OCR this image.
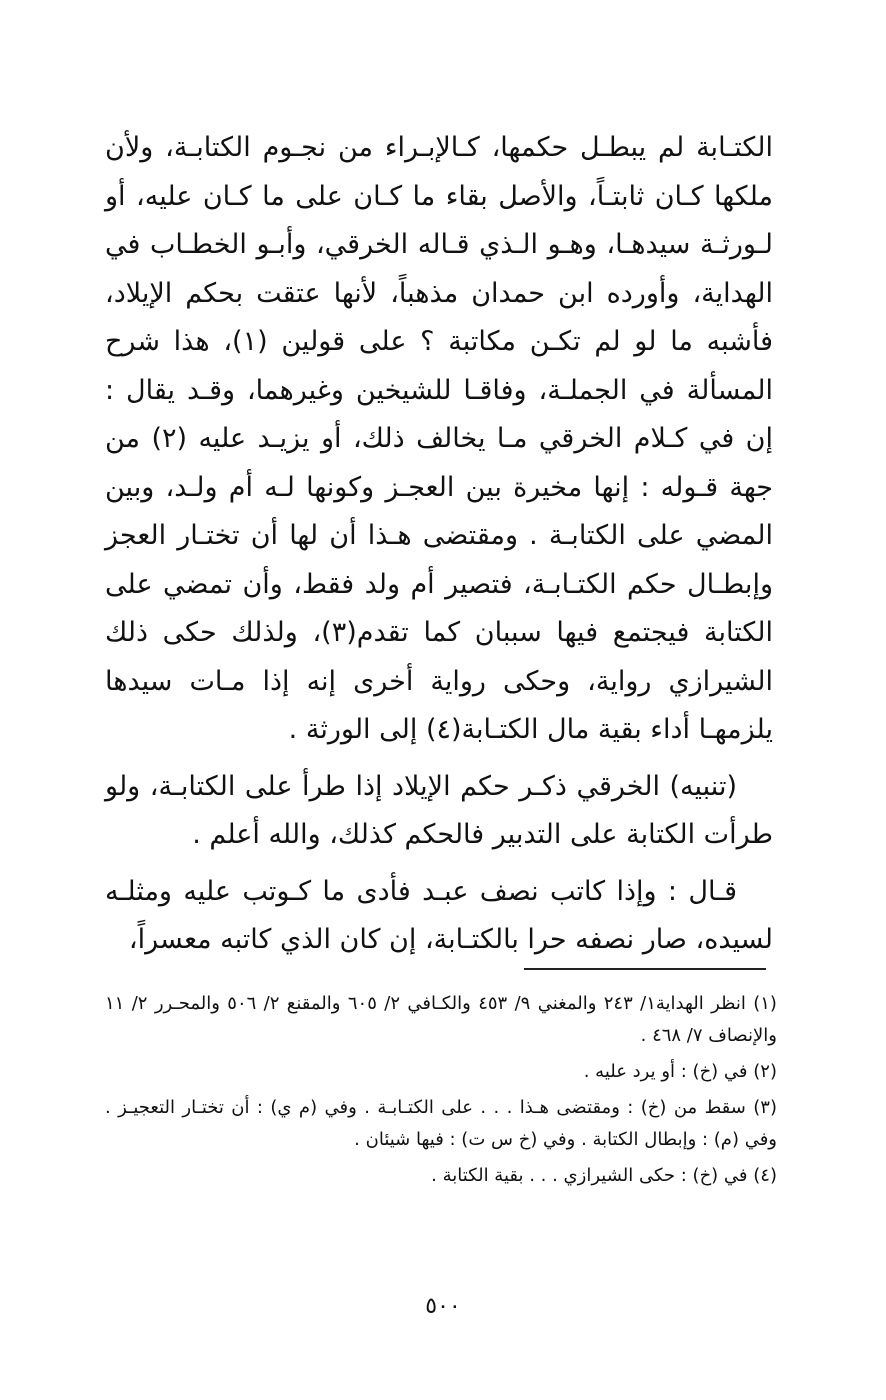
الكتـابة لم يبطـل حكمها، كـالإبـراء من نجـوم الكتابـة، ولأن ملكها كـان ثابتـاً، والأصل بقاء ما كـان على ما كـان عليه، أو لـورثـة سيدهـا، وهـو الـذي قـاله الخرقي، وأبـو الخطـاب في الهداية، وأورده ابن حمدان مذهباً، لأنها عتقت بحكم الإيلاد، فأشبه ما لو لم تكـن مكاتبة ؟ على قولين (١)، هذا شرح المسألة في الجملـة، وفاقـا للشيخين وغيرهما، وقـد يقال : إن في كـلام الخرقي مـا يخالف ذلك، أو يزيـد عليه (٢) من جهة قـوله : إنها مخيرة بين العجـز وكونها لـه أم ولـد، وبين المضي على الكتابـة . ومقتضى هـذا أن لها أن تختـار العجز وإبطـال حكم الكتـابـة، فتصير أم ولد فقط، وأن تمضي على الكتابة فيجتمع فيها سببان كما تقدم(٣)، ولذلك حكى ذلك الشيرازي رواية، وحكى رواية أخرى إنه إذا مـات سيدها يلزمهـا أداء بقية مال الكتـابة(٤) إلى الورثة .

(تنبيه) الخرقي ذكـر حكم الإيلاد إذا طرأ على الكتابـة، ولو طرأت الكتابة على التدبير فالحكم كذلك، والله أعلم .

قـال : وإذا كاتب نصف عبـد فأدى ما كـوتب عليه ومثلـه لسيده، صار نصفه حرا بالكتـابة، إن كان الذي كاتبه معسراً،

(١) انظر الهداية١/ ٢٤٣ والمغني ٩/ ٤٥٣ والكـافي ٢/ ٦٠٥ والمقنع ٢/ ٥٠٦ والمحـرر ٢/ ١١ والإنصاف ٧/ ٤٦٨ .

(٢) في (خ) : أو يرد عليه .

(٣) سقط من (خ) : ومقتضى هـذا . . . على الكتـابـة . وفي (م ي) : أن تختـار التعجيـز . وفي (م) : وإبطال الكتابة . وفي (خ س ت) : فيها شيئان .

(٤) في (خ) : حكى الشيرازي . . . بقية الكتابة .

٥٠٠
